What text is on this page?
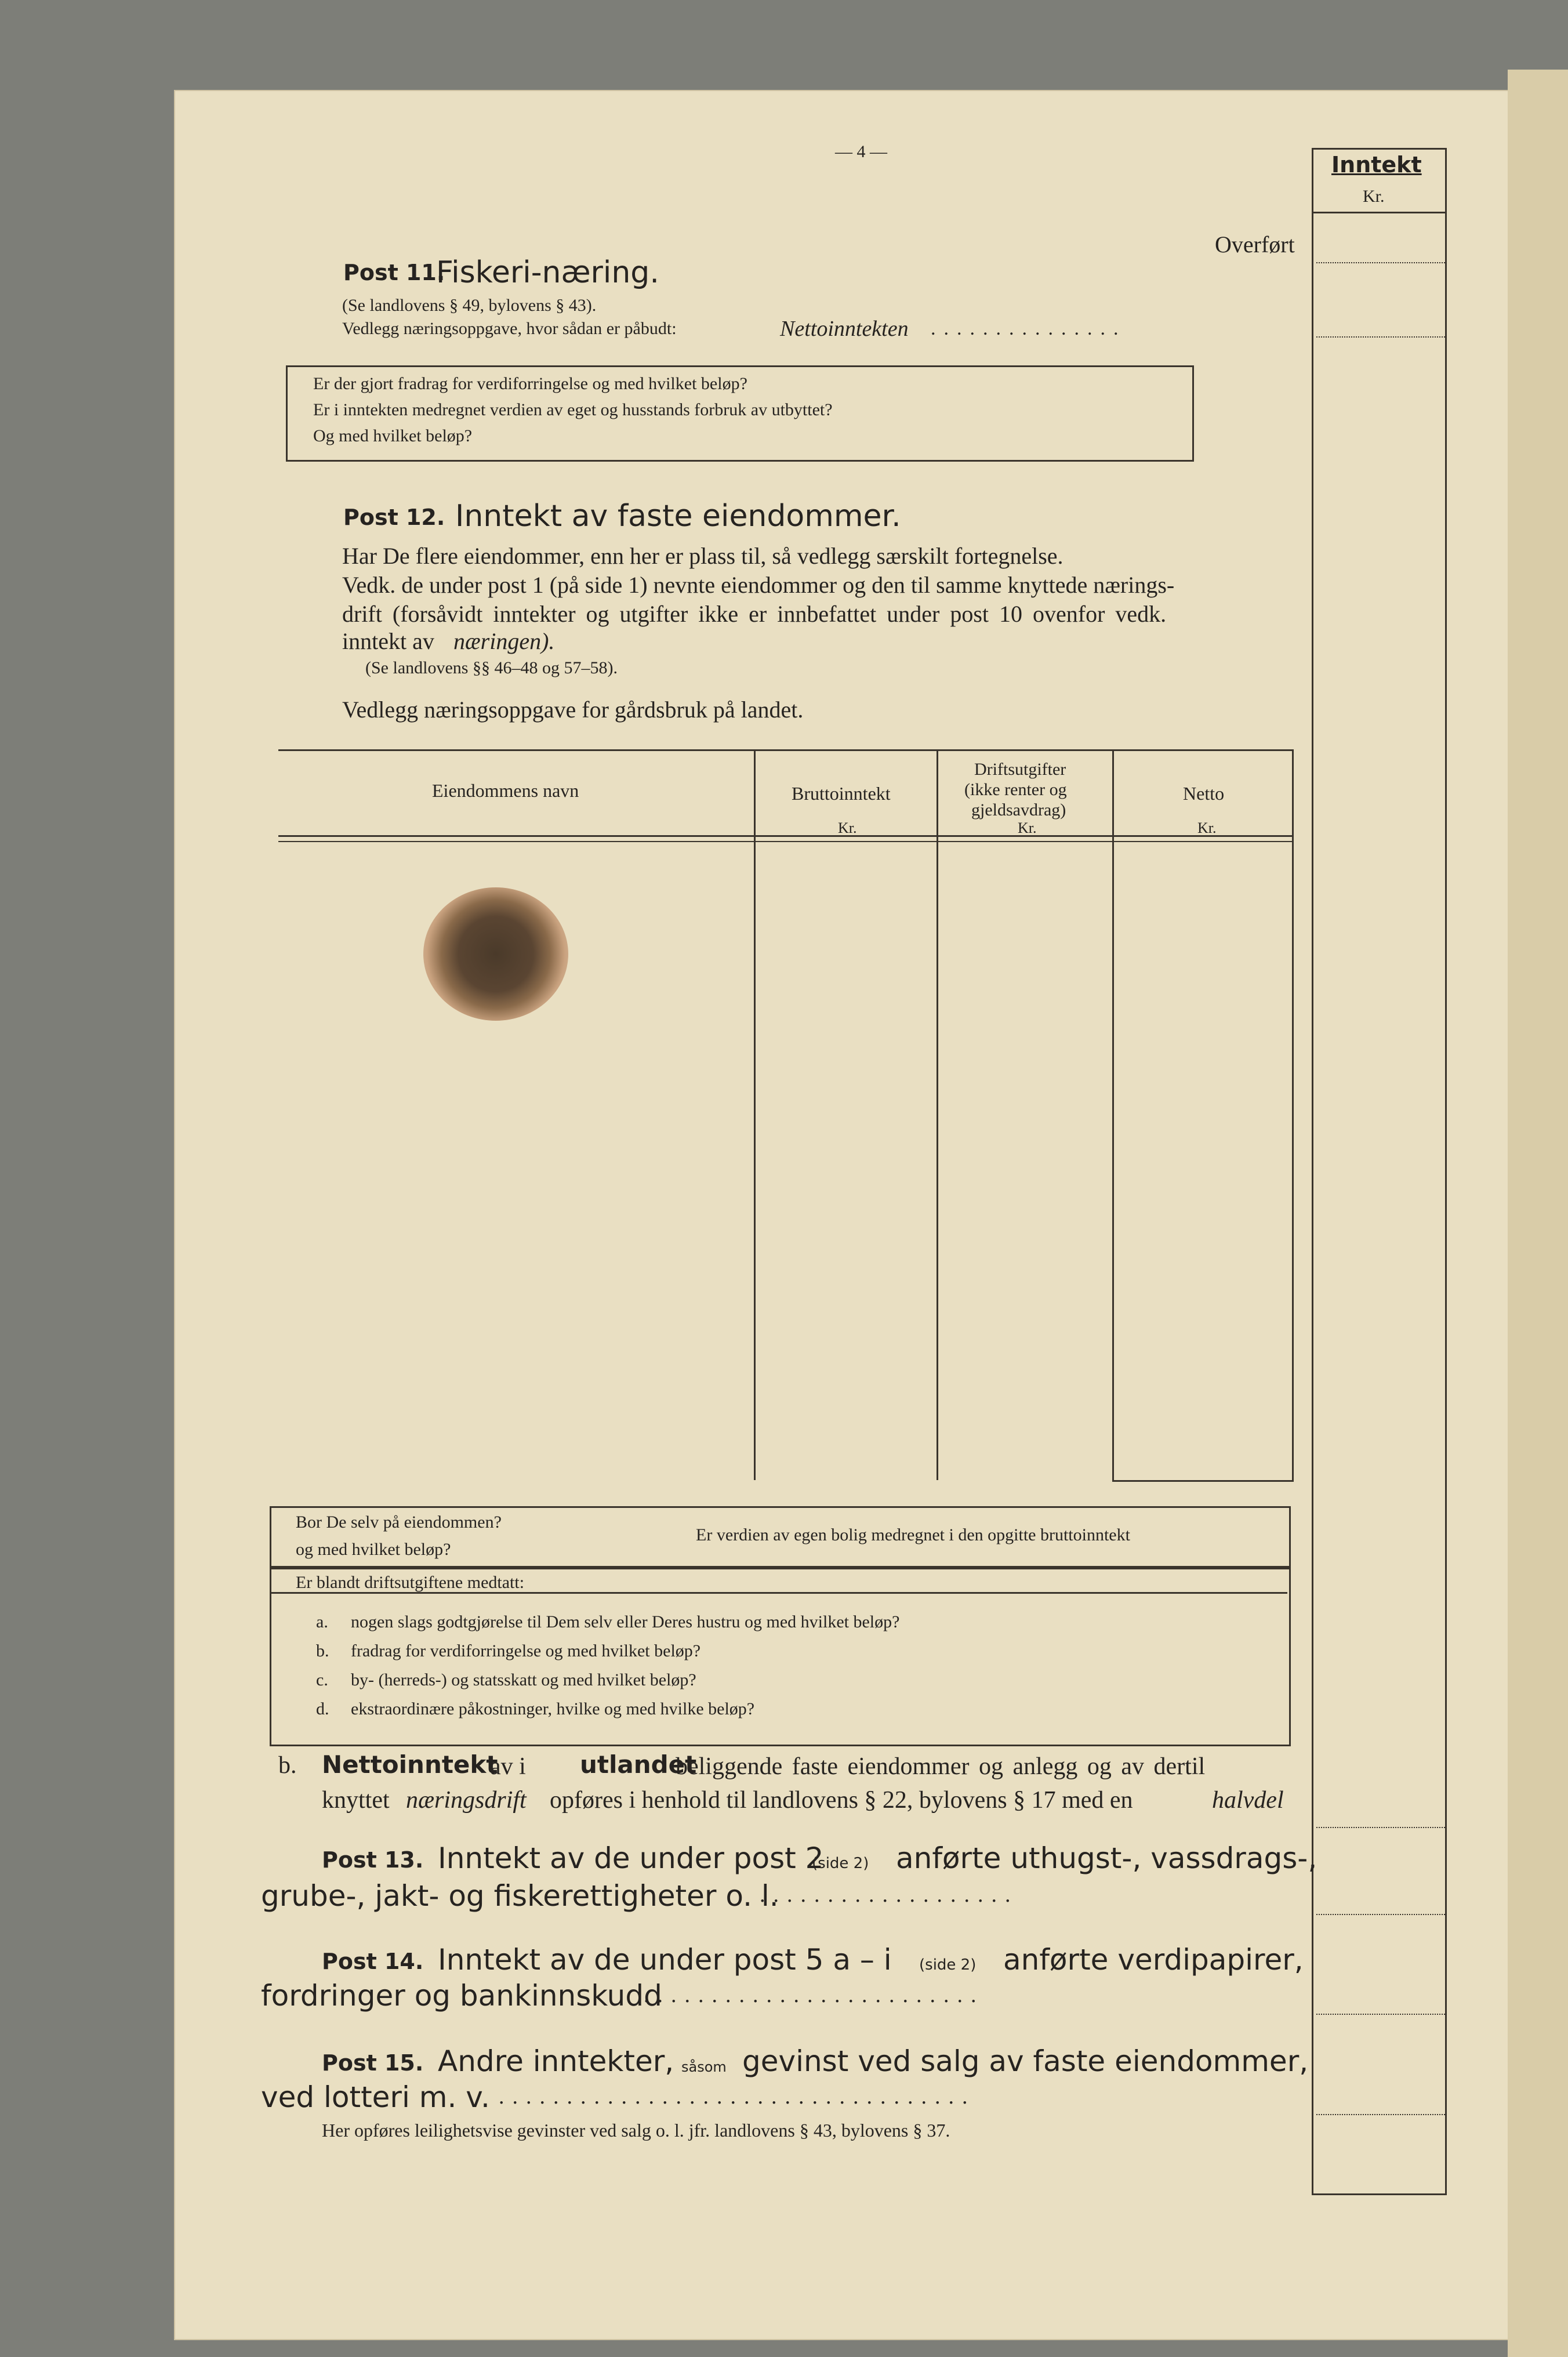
— 4 —
Inntekt
Kr.
Overført
Post 11.
Fiskeri-næring.
(Se landlovens § 49, bylovens § 43).
Vedlegg næringsoppgave, hvor sådan er påbudt:	Nettoinntekten ...............
Er der gjort fradrag for verdiforringelse og med hvilket beløp?
Er i inntekten medregnet verdien av eget og husstands forbruk av utbyttet?
Og med hvilket beløp?
Post 12. Inntekt av faste eiendommer.
Har De flere eiendommer, enn her er plass til, så vedlegg særskilt fortegnelse.
Vedk. de under post 1 (på side 1) nevnte eiendommer og den til samme knyttede nærings-
drift (forsåvidt inntekter og utgifter ikke er innbefattet under post 10 ovenfor vedk.
inntekt av næringen).
(Se landlovens §§ 46–48 og 57–58).
Vedlegg næringsoppgave for gårdsbruk på landet.
Eiendommens navn	Bruttoinntekt
Kr.
Driftsutgifter
(ikke renter og
gjeldsavdrag)
Kr.
Netto
Kr.
Bor De selv på eiendommen?
og med hvilket beløp?
Er verdien av egen bolig medregnet i den opgitte bruttoinntekt
Er blandt driftsutgiftene medtatt:
a. nogen slags godtgjørelse til Dem selv eller Deres hustru og med hvilket beløp?
b. fradrag for verdiforringelse og med hvilket beløp?
c. by- (herreds-) og statsskatt og med hvilket beløp?
d. ekstraordinære påkostninger, hvilke og med hvilke beløp?
b. Nettoinntekt
av i utlandet
beliggende faste eiendommer og anlegg og av dertil
knyttet næringsdrift opføres i henhold til landlovens § 22, bylovens § 17 med en	halvdel
Post 13. Inntekt av de under post 2
(side 2) anførte uthugst-, vassdrags-,
grube-, jakt- og fiskerettigheter o. l.
...................
Post 14. Inntekt av de under post 5 a – i (side 2) anførte verdipapirer,
fordringer og bankinnskudd
.........................
Post 15. Andre inntekter, såsom gevinst ved salg av faste eiendommer,
ved lotteri m. v. ...................................
Her opføres leilighetsvise gevinster ved salg o. l. jfr. landlovens § 43, bylovens § 37.
